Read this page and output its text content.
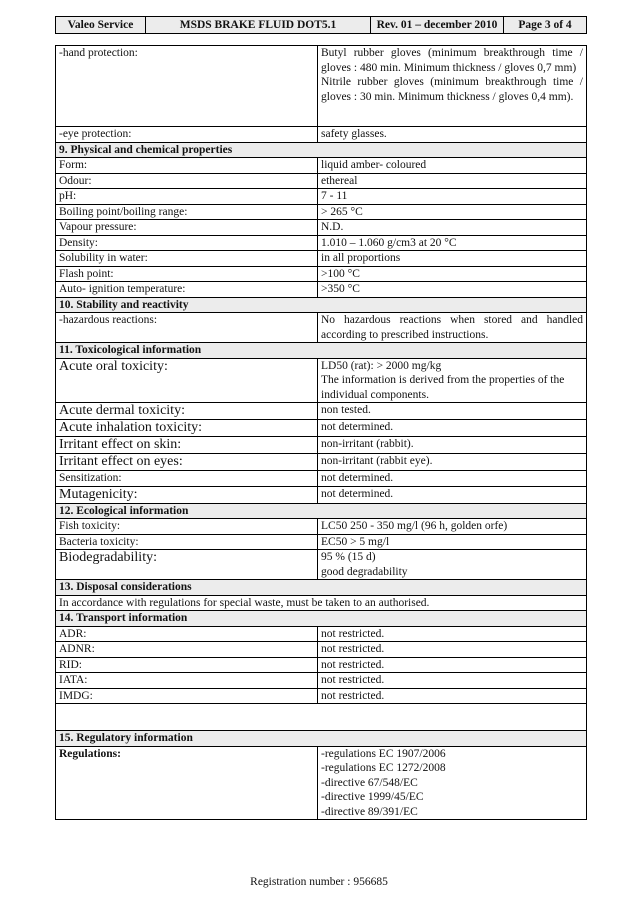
Valeo Service	MSDS BRAKE FLUID DOT5.1	Rev. 01 – december 2010	Page 3 of 4
-hand protection:	Butyl rubber gloves (minimum breakthrough time / gloves : 480 min. Minimum thickness / gloves 0,7 mm)
Nitrile rubber gloves (minimum breakthrough time / gloves : 30 min. Minimum thickness / gloves 0,4 mm).

-eye protection:	safety glasses.

9. Physical and chemical properties	
Form:	liquid amber- coloured

Odour:	ethereal

pH:	7 - 11

Boiling point/boiling range:	> 265 °C

Vapour pressure:	N.D.

Density:	1.010 – 1.060 g/cm3 at 20 °C

Solubility in water:	in all proportions

Flash point:	>100 °C

Auto- ignition temperature:	>350 °C

10. Stability and reactivity	
-hazardous reactions:	No hazardous reactions when stored and handled according to prescribed instructions.

11. Toxicological information	
Acute oral toxicity:	LD50 (rat): > 2000 mg/kg
The information is derived from the properties of the individual components.

Acute dermal toxicity:	non tested.

Acute inhalation toxicity:	not determined.

Irritant effect on skin:	non-irritant (rabbit).

Irritant effect on eyes:	non-irritant (rabbit eye).

Sensitization:	not determined.

Mutagenicity:	not determined.

12. Ecological information	
Fish toxicity:	LC50 250 - 350 mg/l (96 h, golden orfe)

Bacteria toxicity:	EC50 > 5 mg/l

Biodegradability:	95 % (15 d)
good degradability

13. Disposal considerations	
In accordance with regulations for special waste, must be taken to an authorised.	
14. Transport information	
ADR:	not restricted.

ADNR:	not restricted.

RID:	not restricted.

IATA:	not restricted.

IMDG:	not restricted.

15. Regulatory information	
Regulations:	-regulations EC 1907/2006
-regulations EC 1272/2008
-directive 67/548/EC
-directive 1999/45/EC
-directive 89/391/EC
Registration number : 956685
